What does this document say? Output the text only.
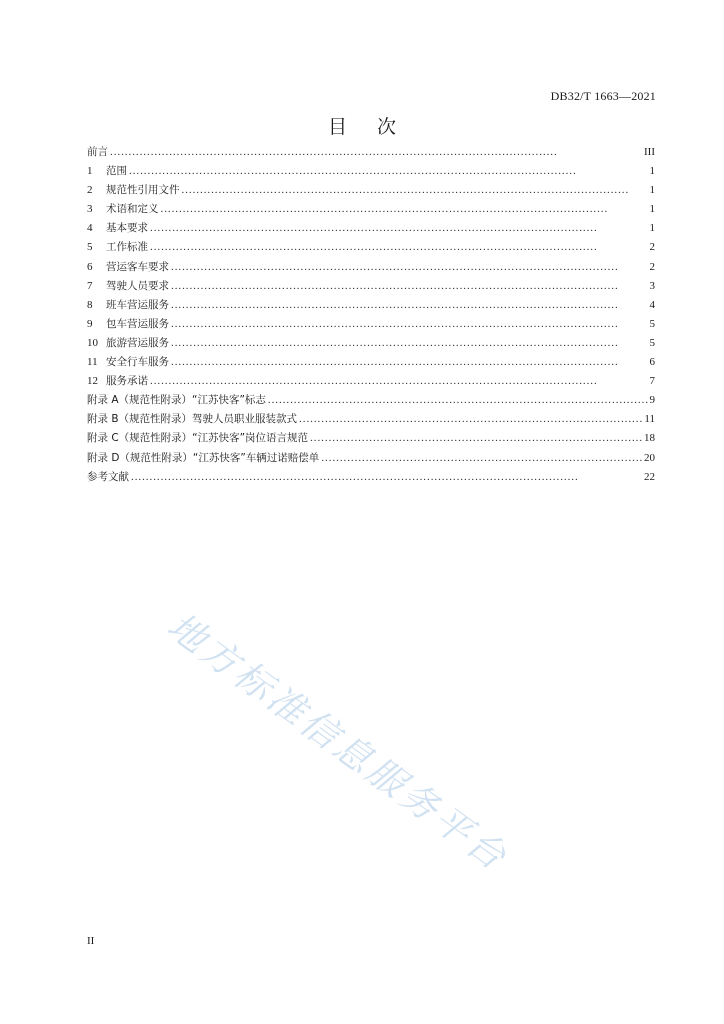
DB32/T 1663—2021
目 次
前言 . . .	III
1	范围 . . .	1
2	规范性引用文件 . . .	1
3	术语和定义 . . .	1
4	基本要求 . . .	1
5	工作标准 . . .	2
6	营运客车要求 . . .	2
7	驾驶人员要求 . . .	3
8	班车营运服务 . . .	4
9	包车营运服务 . . .	5
10 旅游营运服务 . . .	5
11 安全行车服务 . . .	6
12 服务承诺 . . .	7
附录 A（规范性附录）“江苏快客”标志 . . .	9
附录 B（规范性附录）驾驶人员职业服装款式 . . .	11
附录 C（规范性附录）“江苏快客”岗位语言规范 . . .	18
附录 D（规范性附录）“江苏快客”车辆过诺赔偿单 . . .	20
参考文献 . . .	22
地方标准信息服务平台
II
